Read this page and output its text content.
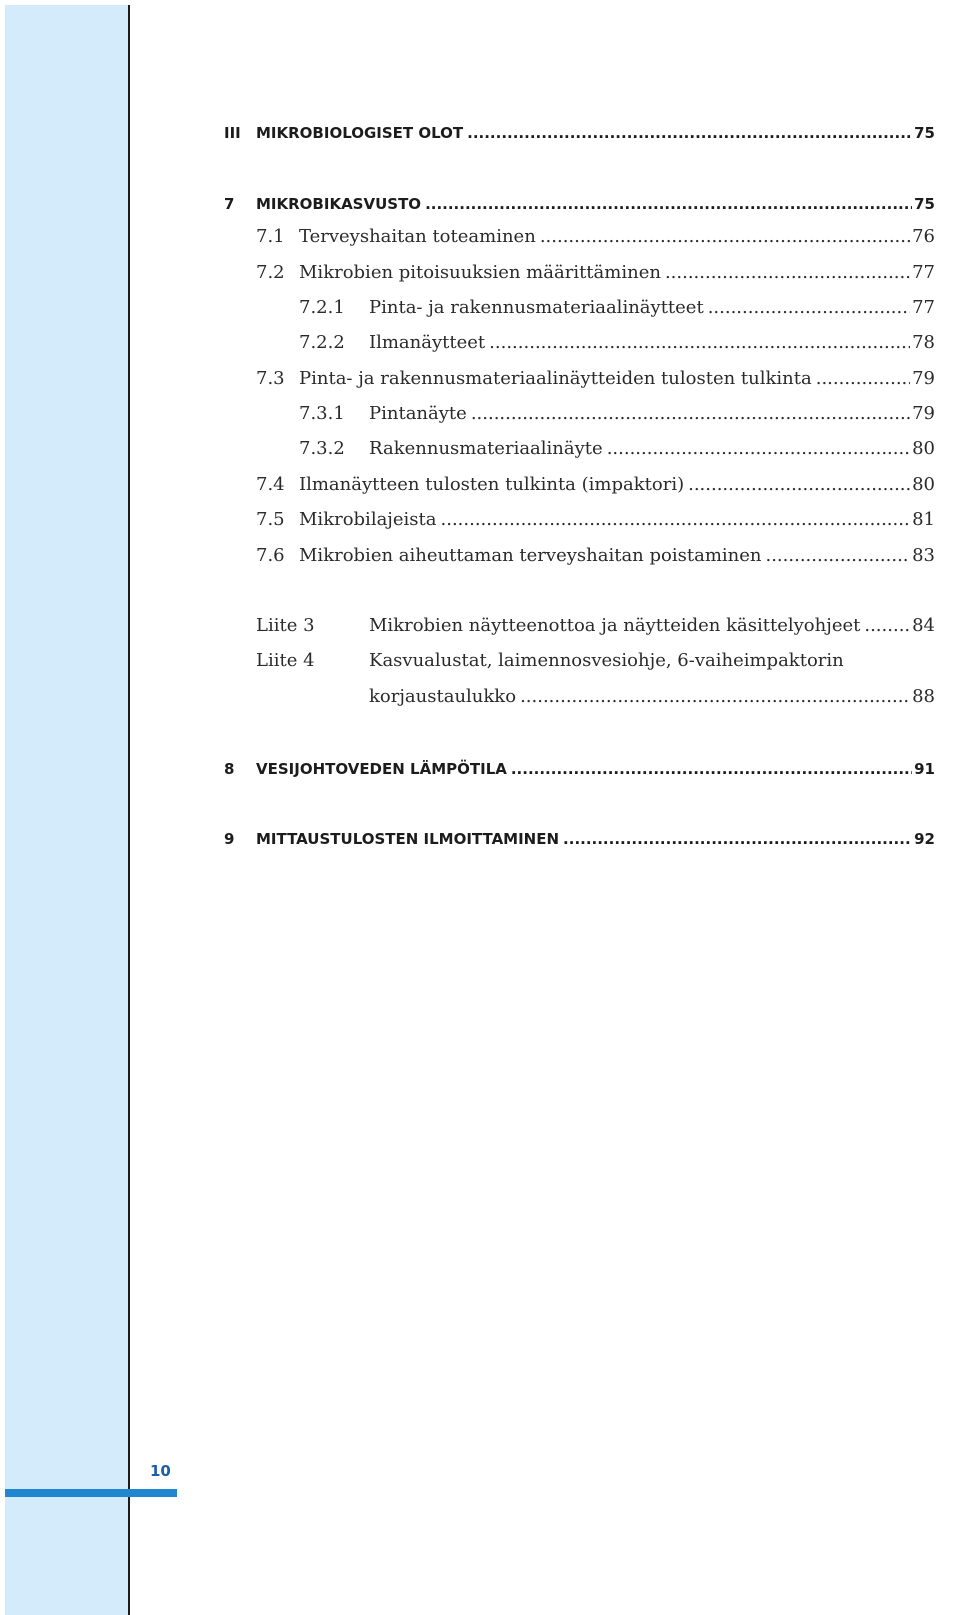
10
III	MIKROBIOLOGISET OLOT .....	75
7	MIKROBIKASVUSTO .....	75
7.1 Terveyshaitan toteaminen .....	76
7.2 Mikrobien pitoisuuksien määrittäminen .....	77
7.2.1	Pinta- ja rakennusmateriaalinäytteet .....	77
7.2.2	Ilmanäytteet .....	78
7.3 Pinta- ja rakennusmateriaalinäytteiden tulosten tulkinta .....	79
7.3.1	Pintanäyte .....	79
7.3.2	Rakennusmateriaalinäyte .....	80
7.4 Ilmanäytteen tulosten tulkinta (impaktori) .....	80
7.5 Mikrobilajeista .....	81
7.6 Mikrobien aiheuttaman terveyshaitan poistaminen .....	83
Liite 3	Mikrobien näytteenottoa ja näytteiden käsittelyohjeet .....	84
Liite 4	Kasvualustat, laimennosvesiohje, 6-vaiheimpaktorin
korjaustaulukko .....	88
8	VESIJOHTOVEDEN LÄMPÖTILA .....	91
9	MITTAUSTULOSTEN ILMOITTAMINEN .....	92
